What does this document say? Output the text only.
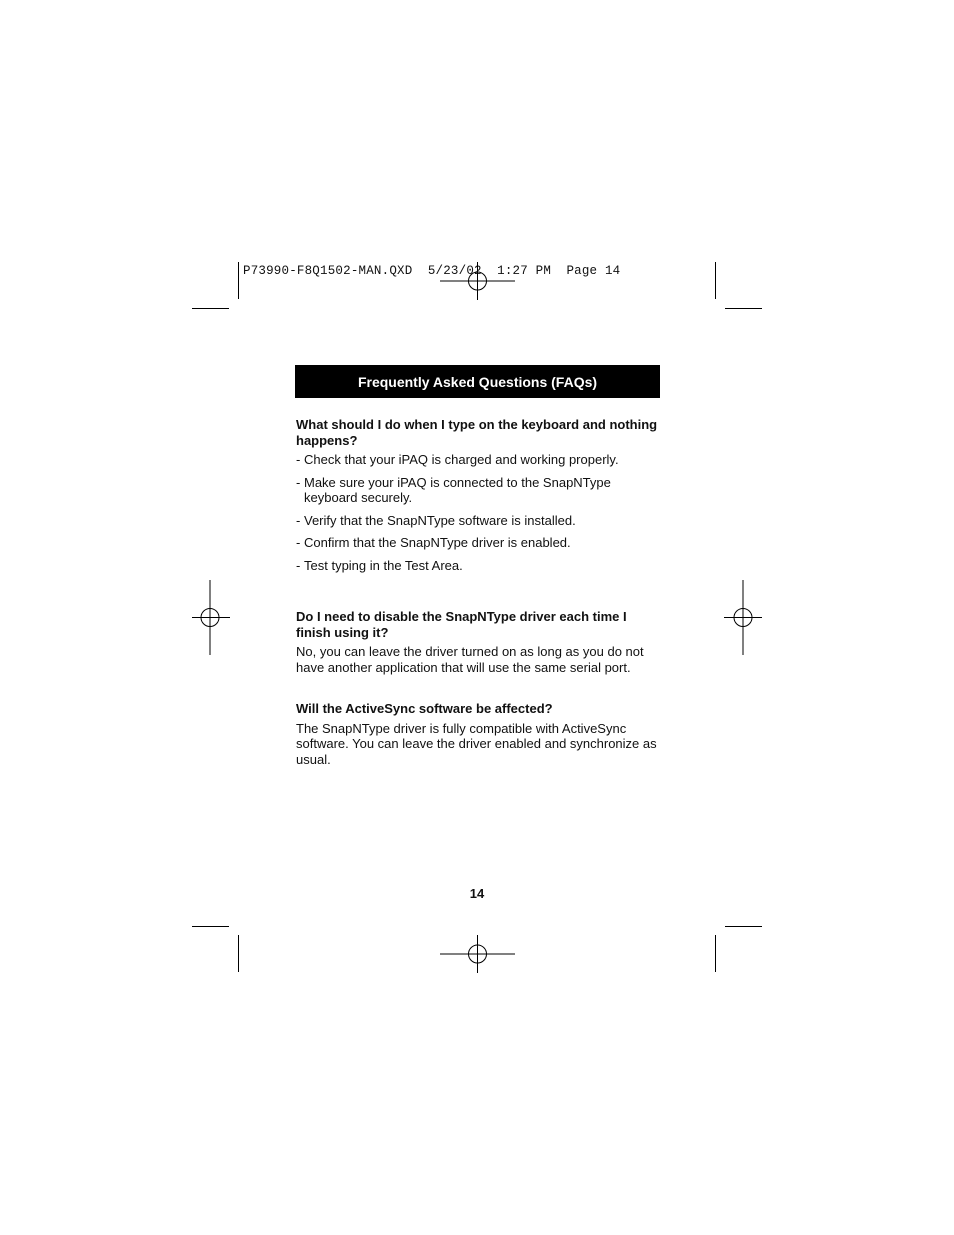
P73990-F8Q1502-MAN.QXD  5/23/02  1:27 PM  Page 14
Frequently Asked Questions (FAQs)

What should I do when I type on the keyboard and nothing happens?

- Check that your iPAQ is charged and working properly.
- Make sure your iPAQ is connected to the SnapNType keyboard securely.
- Verify that the SnapNType software is installed.
- Confirm that the SnapNType driver is enabled.
- Test typing in the Test Area.

Do I need to disable the SnapNType driver each time I finish using it?

No, you can leave the driver turned on as long as you do not have another application that will use the same serial port.

Will the ActiveSync software be affected?

The SnapNType driver is fully compatible with ActiveSync software. You can leave the driver enabled and synchronize as usual.

14
